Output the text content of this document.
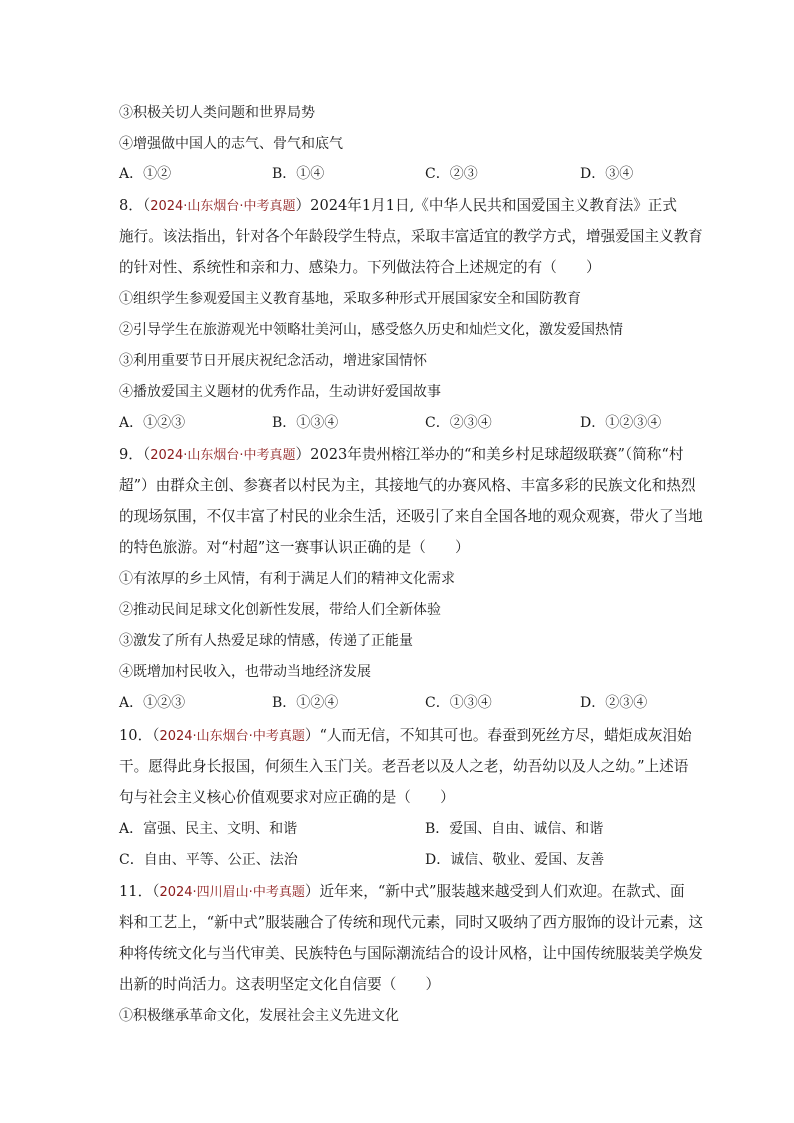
③积极关切人类问题和世界局势
④增强做中国人的志气、骨气和底气
A．①②	B．①④	C．②③	D．③④
8．（2024·山东烟台·中考真题）2024年1月1日,《中华人民共和国爱国主义教育法》正式
施行。该法指出，针对各个年龄段学生特点，采取丰富适宜的教学方式，增强爱国主义教育
的针对性、系统性和亲和力、感染力。下列做法符合上述规定的有（　　）
①组织学生参观爱国主义教育基地，采取多种形式开展国家安全和国防教育
②引导学生在旅游观光中领略壮美河山，感受悠久历史和灿烂文化，激发爱国热情
③利用重要节日开展庆祝纪念活动，增进家国情怀
④播放爱国主义题材的优秀作品，生动讲好爱国故事
A．①②③	B．①③④	C．②③④	D．①②③④
9．（2024·山东烟台·中考真题）2023年贵州榕江举办的“和美乡村足球超级联赛”（简称“村
超”）由群众主创、参赛者以村民为主，其接地气的办赛风格、丰富多彩的民族文化和热烈
的现场氛围，不仅丰富了村民的业余生活，还吸引了来自全国各地的观众观赛，带火了当地
的特色旅游。对“村超”这一赛事认识正确的是（　　）
①有浓厚的乡土风情，有利于满足人们的精神文化需求
②推动民间足球文化创新性发展，带给人们全新体验
③激发了所有人热爱足球的情感，传递了正能量
④既增加村民收入，也带动当地经济发展
A．①②③	B．①②④	C．①③④	D．②③④
10．（2024·山东烟台·中考真题）“人而无信，不知其可也。春蚕到死丝方尽，蜡炬成灰泪始
干。愿得此身长报国，何须生入玉门关。老吾老以及人之老，幼吾幼以及人之幼。”上述语
句与社会主义核心价值观要求对应正确的是（　　）
A．富强、民主、文明、和谐	B．爱国、自由、诚信、和谐
C．自由、平等、公正、法治	D．诚信、敬业、爱国、友善
11．（2024·四川眉山·中考真题）近年来，“新中式”服装越来越受到人们欢迎。在款式、面
料和工艺上，“新中式”服装融合了传统和现代元素，同时又吸纳了西方服饰的设计元素，这
种将传统文化与当代审美、民族特色与国际潮流结合的设计风格，让中国传统服装美学焕发
出新的时尚活力。这表明坚定文化自信要（　　）
①积极继承革命文化，发展社会主义先进文化
